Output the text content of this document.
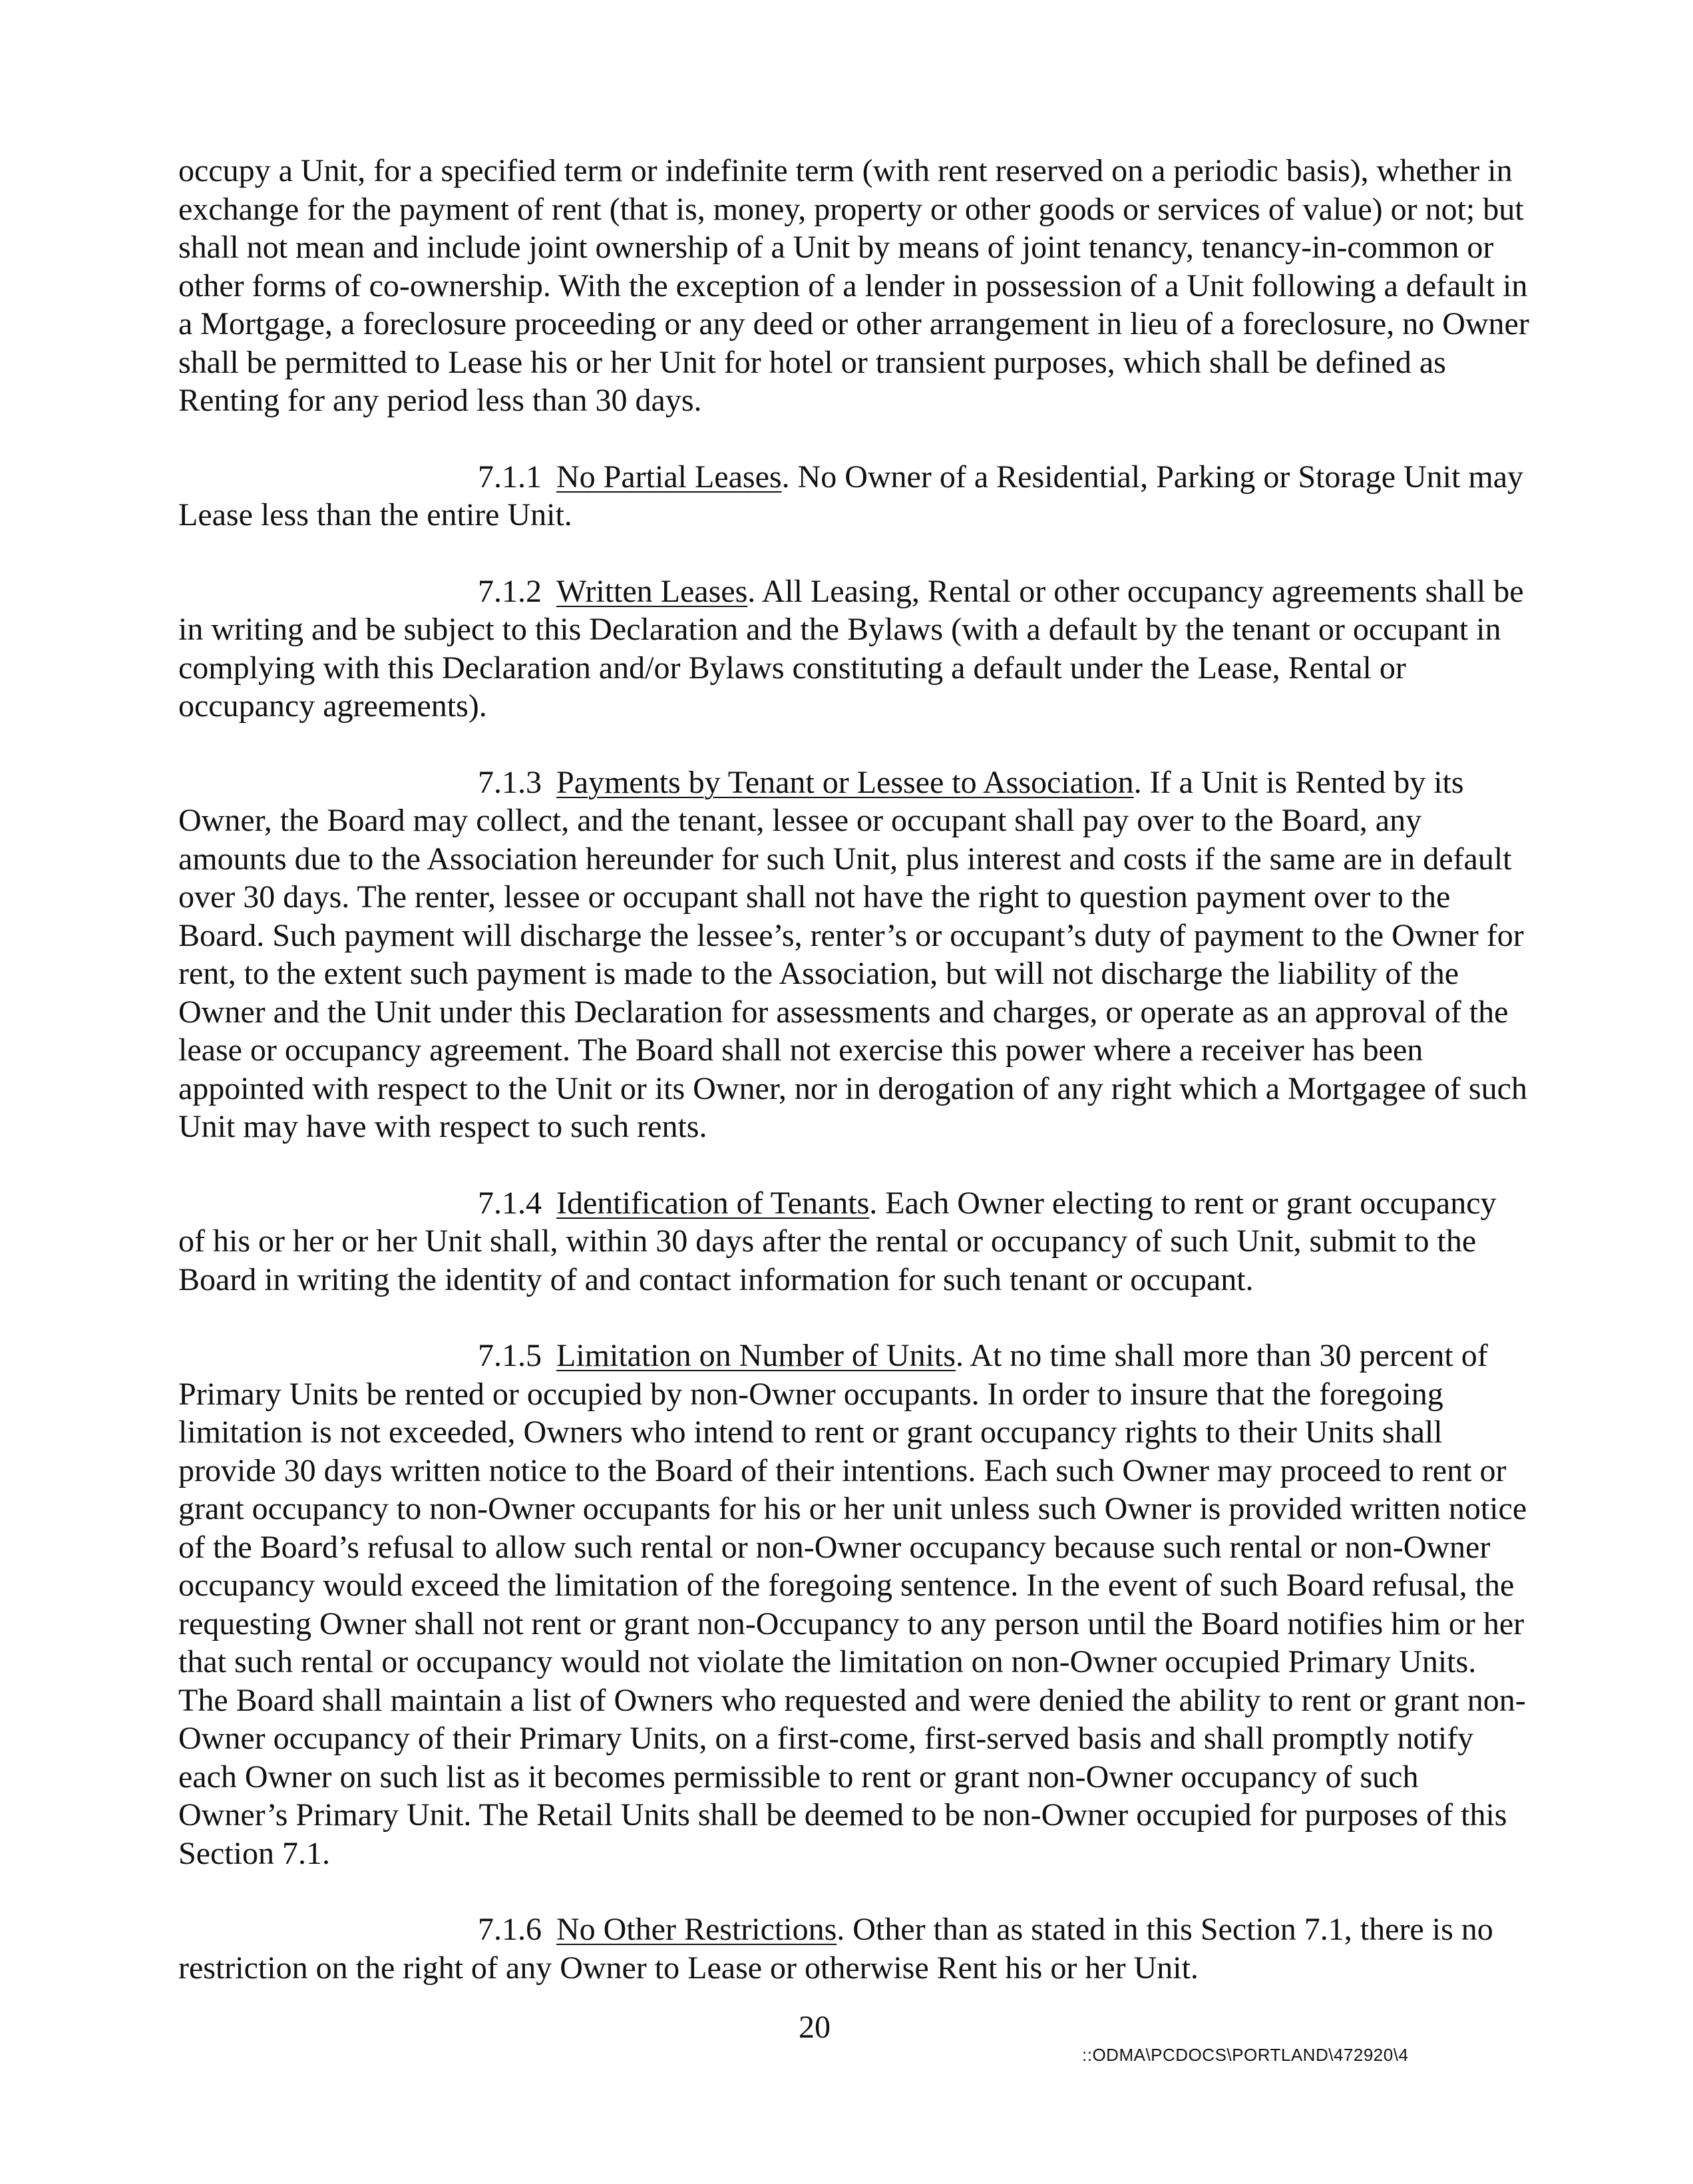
occupy a Unit, for a specified term or indefinite term (with rent reserved on a periodic basis), whether in exchange for the payment of rent (that is, money, property or other goods or services of value) or not; but shall not mean and include joint ownership of a Unit by means of joint tenancy, tenancy-in-common or other forms of co-ownership. With the exception of a lender in possession of a Unit following a default in a Mortgage, a foreclosure proceeding or any deed or other arrangement in lieu of a foreclosure, no Owner shall be permitted to Lease his or her Unit for hotel or transient purposes, which shall be defined as Renting for any period less than 30 days.

7.1.1 No Partial Leases. No Owner of a Residential, Parking or Storage Unit may Lease less than the entire Unit.

7.1.2 Written Leases. All Leasing, Rental or other occupancy agreements shall be in writing and be subject to this Declaration and the Bylaws (with a default by the tenant or occupant in complying with this Declaration and/or Bylaws constituting a default under the Lease, Rental or occupancy agreements).

7.1.3 Payments by Tenant or Lessee to Association. If a Unit is Rented by its Owner, the Board may collect, and the tenant, lessee or occupant shall pay over to the Board, any amounts due to the Association hereunder for such Unit, plus interest and costs if the same are in default over 30 days. The renter, lessee or occupant shall not have the right to question payment over to the Board. Such payment will discharge the lessee’s, renter’s or occupant’s duty of payment to the Owner for rent, to the extent such payment is made to the Association, but will not discharge the liability of the Owner and the Unit under this Declaration for assessments and charges, or operate as an approval of the lease or occupancy agreement. The Board shall not exercise this power where a receiver has been appointed with respect to the Unit or its Owner, nor in derogation of any right which a Mortgagee of such Unit may have with respect to such rents.

7.1.4 Identification of Tenants. Each Owner electing to rent or grant occupancy of his or her or her Unit shall, within 30 days after the rental or occupancy of such Unit, submit to the Board in writing the identity of and contact information for such tenant or occupant.

7.1.5 Limitation on Number of Units. At no time shall more than 30 percent of Primary Units be rented or occupied by non-Owner occupants. In order to insure that the foregoing limitation is not exceeded, Owners who intend to rent or grant occupancy rights to their Units shall provide 30 days written notice to the Board of their intentions. Each such Owner may proceed to rent or grant occupancy to non-Owner occupants for his or her unit unless such Owner is provided written notice of the Board’s refusal to allow such rental or non-Owner occupancy because such rental or non-Owner occupancy would exceed the limitation of the foregoing sentence. In the event of such Board refusal, the requesting Owner shall not rent or grant non-Occupancy to any person until the Board notifies him or her that such rental or occupancy would not violate the limitation on non-Owner occupied Primary Units. The Board shall maintain a list of Owners who requested and were denied the ability to rent or grant non-Owner occupancy of their Primary Units, on a first-come, first-served basis and shall promptly notify each Owner on such list as it becomes permissible to rent or grant non-Owner occupancy of such Owner’s Primary Unit. The Retail Units shall be deemed to be non-Owner occupied for purposes of this Section 7.1.

7.1.6 No Other Restrictions. Other than as stated in this Section 7.1, there is no restriction on the right of any Owner to Lease or otherwise Rent his or her Unit.

20
::ODMA\PCDOCS\PORTLAND\472920\4
